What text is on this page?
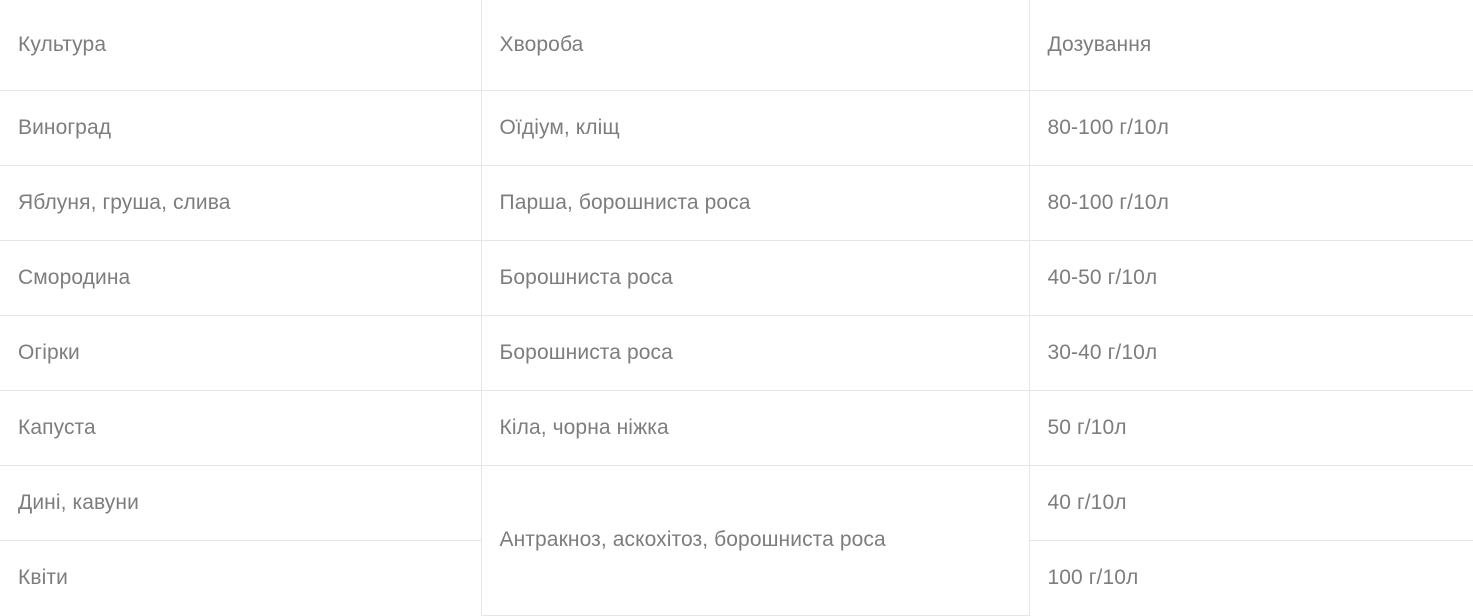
Культура	Хвороба	Дозування
Виноград	Оїдіум, кліщ	80-100 г/10л
Яблуня, груша, слива	Парша, борошниста роса	80-100 г/10л
Смородина	Борошниста роса	40-50 г/10л
Огірки	Борошниста роса	30-40 г/10л
Капуста	Кіла, чорна ніжка	50 г/10л
Дині, кавуни	Антракноз, аскохітоз, борошниста роса	40 г/10л
Квіти		100 г/10л
